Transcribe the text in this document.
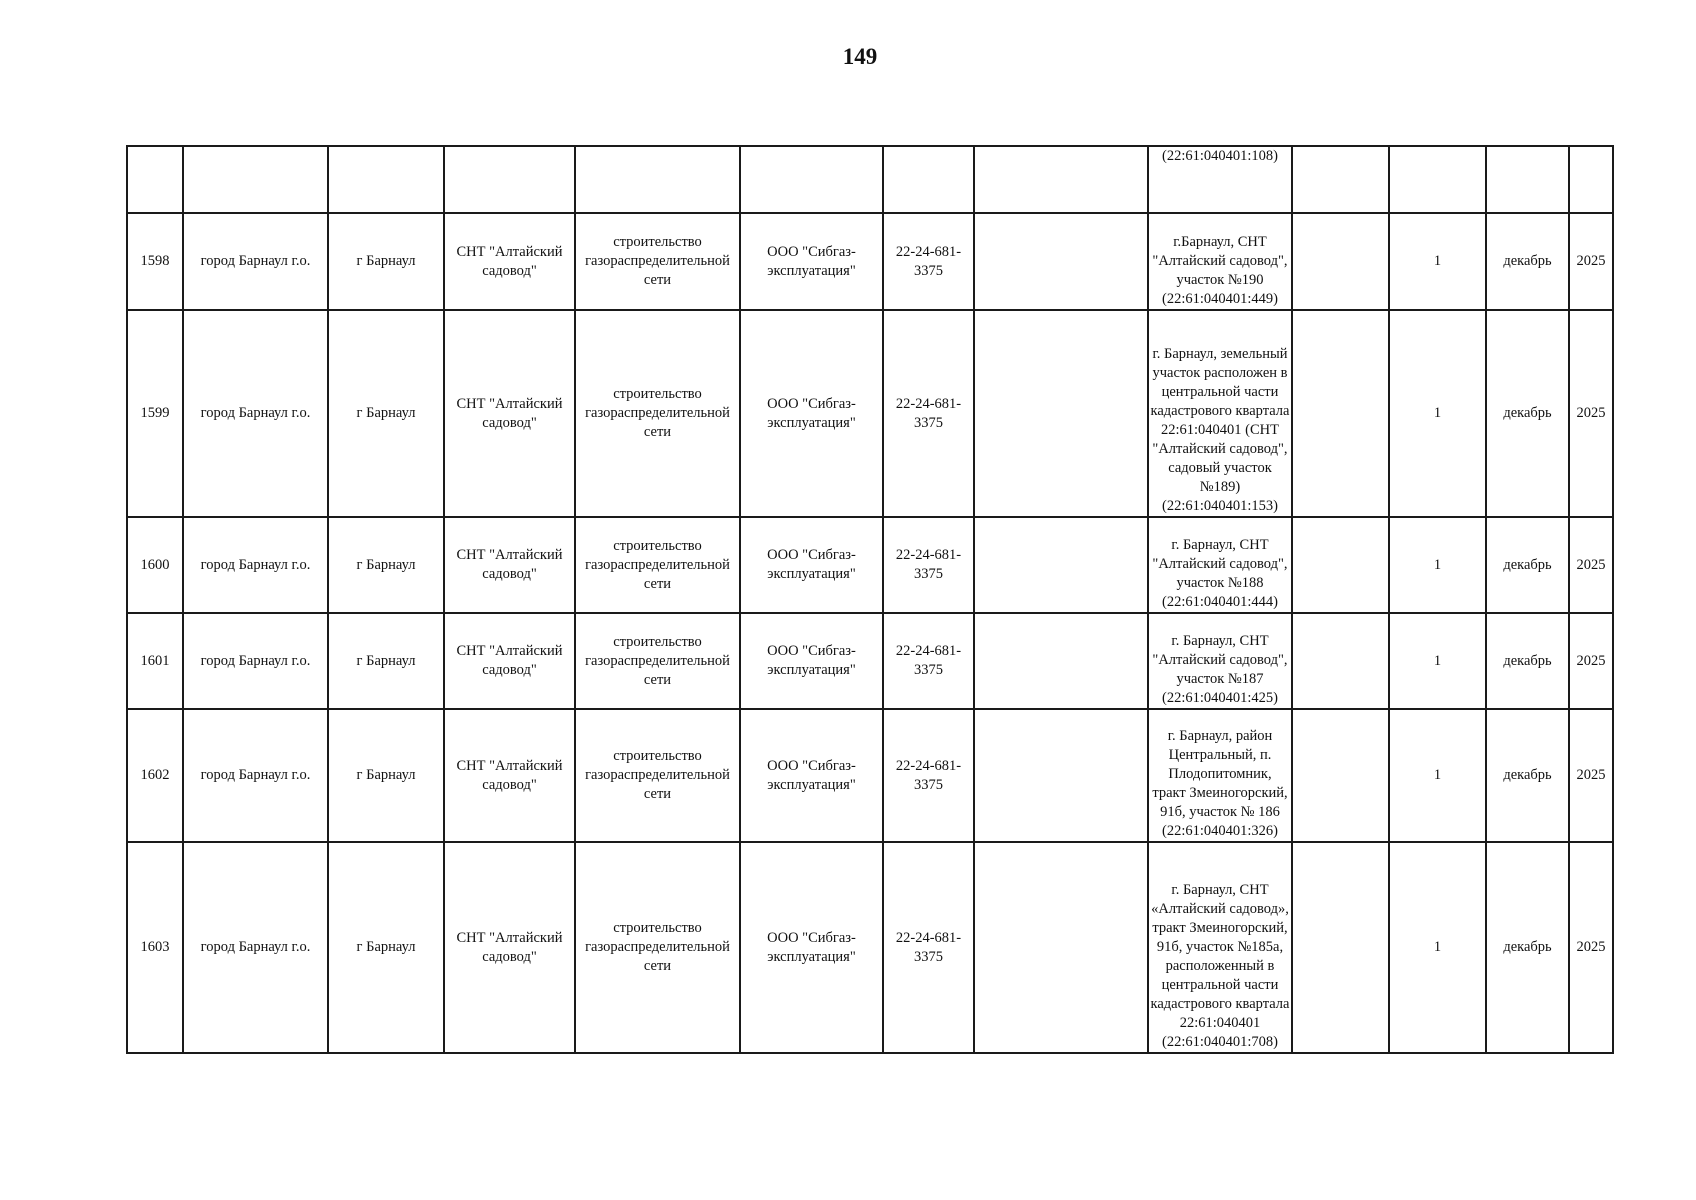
149
								(22:61:040401:108)				
1598	город Барнаул г.о.	г Барнаул	СНТ "Алтайский садовод"	строительство газораспределительной сети	ООО "Сибгаз-эксплуатация"	22-24-681-3375		г.Барнаул, СНТ "Алтайский садовод", участок №190 (22:61:040401:449)		1	декабрь	2025
1599	город Барнаул г.о.	г Барнаул	СНТ "Алтайский садовод"	строительство газораспределительной сети	ООО "Сибгаз-эксплуатация"	22-24-681-3375		г. Барнаул, земельный участок расположен в центральной части кадастрового квартала 22:61:040401 (СНТ "Алтайский садовод", садовый участок №189) (22:61:040401:153)		1	декабрь	2025
1600	город Барнаул г.о.	г Барнаул	СНТ "Алтайский садовод"	строительство газораспределительной сети	ООО "Сибгаз-эксплуатация"	22-24-681-3375		г. Барнаул, СНТ "Алтайский садовод", участок №188 (22:61:040401:444)		1	декабрь	2025
1601	город Барнаул г.о.	г Барнаул	СНТ "Алтайский садовод"	строительство газораспределительной сети	ООО "Сибгаз-эксплуатация"	22-24-681-3375		г. Барнаул, СНТ "Алтайский садовод", участок №187 (22:61:040401:425)		1	декабрь	2025
1602	город Барнаул г.о.	г Барнаул	СНТ "Алтайский садовод"	строительство газораспределительной сети	ООО "Сибгаз-эксплуатация"	22-24-681-3375		г. Барнаул, район Центральный, п. Плодопитомник, тракт Змеиногорский, 91б, участок № 186 (22:61:040401:326)		1	декабрь	2025
1603	город Барнаул г.о.	г Барнаул	СНТ "Алтайский садовод"	строительство газораспределительной сети	ООО "Сибгаз-эксплуатация"	22-24-681-3375		г. Барнаул, СНТ «Алтайский садовод», тракт Змеиногорский, 91б, участок №185а, расположенный в центральной части кадастрового квартала 22:61:040401 (22:61:040401:708)		1	декабрь	2025
